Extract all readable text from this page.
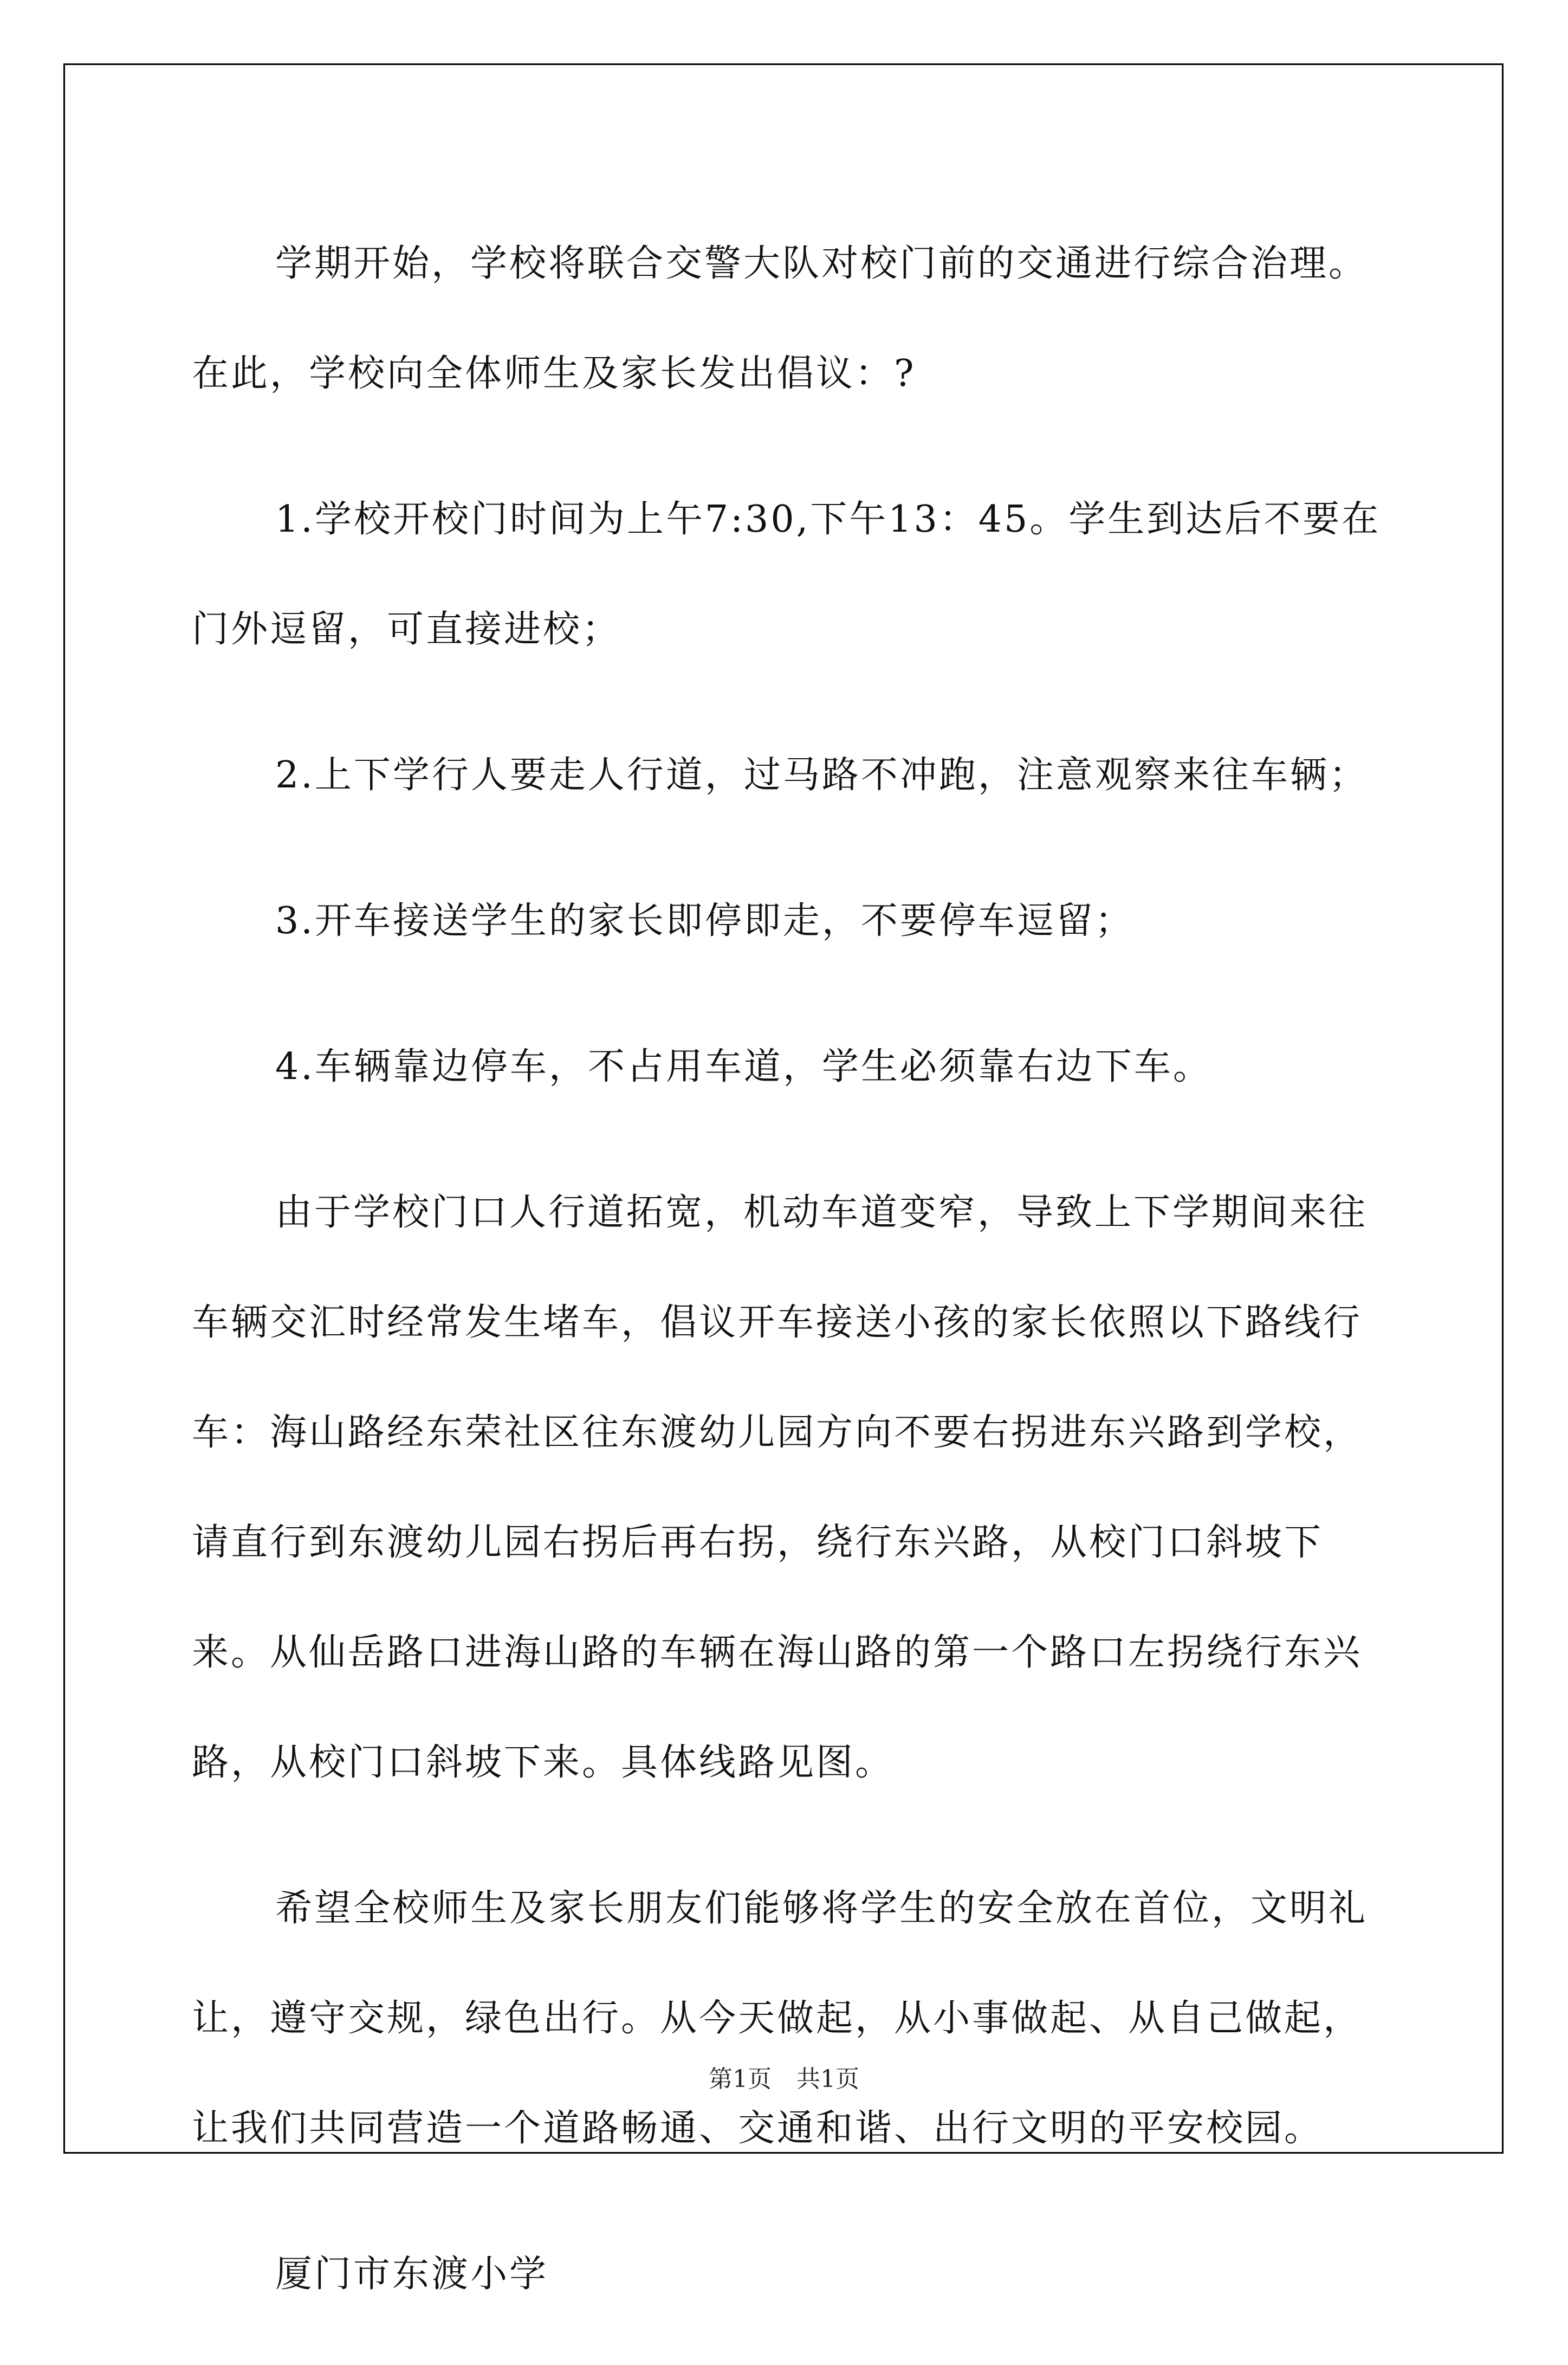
学期开始，学校将联合交警大队对校门前的交通进行综合治理。在此，学校向全体师生及家长发出倡议：?

1.学校开校门时间为上午7:30,下午13：45。学生到达后不要在门外逗留，可直接进校；

2.上下学行人要走人行道，过马路不冲跑，注意观察来往车辆；

3.开车接送学生的家长即停即走，不要停车逗留；

4.车辆靠边停车，不占用车道，学生必须靠右边下车。

由于学校门口人行道拓宽，机动车道变窄，导致上下学期间来往车辆交汇时经常发生堵车，倡议开车接送小孩的家长依照以下路线行车：海山路经东荣社区往东渡幼儿园方向不要右拐进东兴路到学校，请直行到东渡幼儿园右拐后再右拐，绕行东兴路，从校门口斜坡下来。从仙岳路口进海山路的车辆在海山路的第一个路口左拐绕行东兴路，从校门口斜坡下来。具体线路见图。

希望全校师生及家长朋友们能够将学生的安全放在首位，文明礼让，遵守交规，绿色出行。从今天做起，从小事做起、从自己做起，让我们共同营造一个道路畅通、交通和谐、出行文明的平安校园。

厦门市东渡小学

第1页 共1页
